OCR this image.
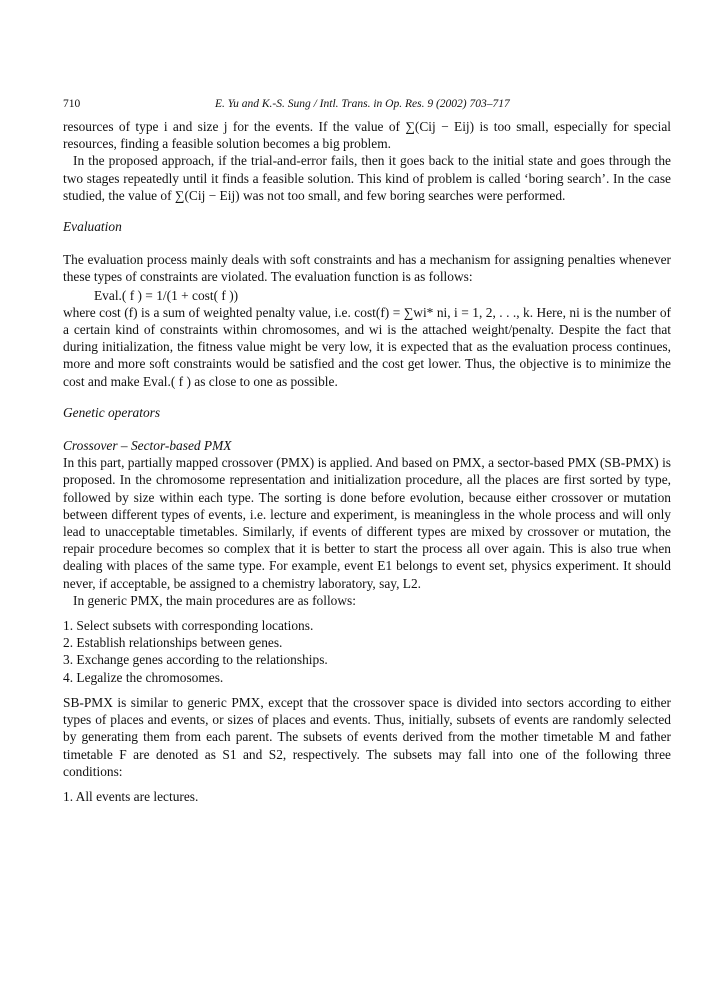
710	E. Yu and K.-S. Sung / Intl. Trans. in Op. Res. 9 (2002) 703–717

resources of type i and size j for the events. If the value of ∑(Cij − Eij) is too small, especially for special resources, finding a feasible solution becomes a big problem.

In the proposed approach, if the trial-and-error fails, then it goes back to the initial state and goes through the two stages repeatedly until it finds a feasible solution. This kind of problem is called ‘boring search’. In the case studied, the value of ∑(Cij − Eij) was not too small, and few boring searches were performed.

Evaluation

The evaluation process mainly deals with soft constraints and has a mechanism for assigning penalties whenever these types of constraints are violated. The evaluation function is as follows:

Eval.( f ) = 1/(1 + cost( f ))

where cost (f) is a sum of weighted penalty value, i.e. cost(f) = ∑wi* ni, i = 1, 2, . . ., k. Here, ni is the number of a certain kind of constraints within chromosomes, and wi is the attached weight/penalty. Despite the fact that during initialization, the fitness value might be very low, it is expected that as the evaluation process continues, more and more soft constraints would be satisfied and the cost get lower. Thus, the objective is to minimize the cost and make Eval.( f ) as close to one as possible.

Genetic operators
Crossover – Sector-based PMX

In this part, partially mapped crossover (PMX) is applied. And based on PMX, a sector-based PMX (SB-PMX) is proposed. In the chromosome representation and initialization procedure, all the places are first sorted by type, followed by size within each type. The sorting is done before evolution, because either crossover or mutation between different types of events, i.e. lecture and experiment, is meaningless in the whole process and will only lead to unacceptable timetables. Similarly, if events of different types are mixed by crossover or mutation, the repair procedure becomes so complex that it is better to start the process all over again. This is also true when dealing with places of the same type. For example, event E1 belongs to event set, physics experiment. It should never, if acceptable, be assigned to a chemistry laboratory, say, L2.

In generic PMX, the main procedures are as follows:

1. Select subsets with corresponding locations.
2. Establish relationships between genes.
3. Exchange genes according to the relationships.
4. Legalize the chromosomes.

SB-PMX is similar to generic PMX, except that the crossover space is divided into sectors according to either types of places and events, or sizes of places and events. Thus, initially, subsets of events are randomly selected by generating them from each parent. The subsets of events derived from the mother timetable M and father timetable F are denoted as S1 and S2, respectively. The subsets may fall into one of the following three conditions:

1. All events are lectures.
